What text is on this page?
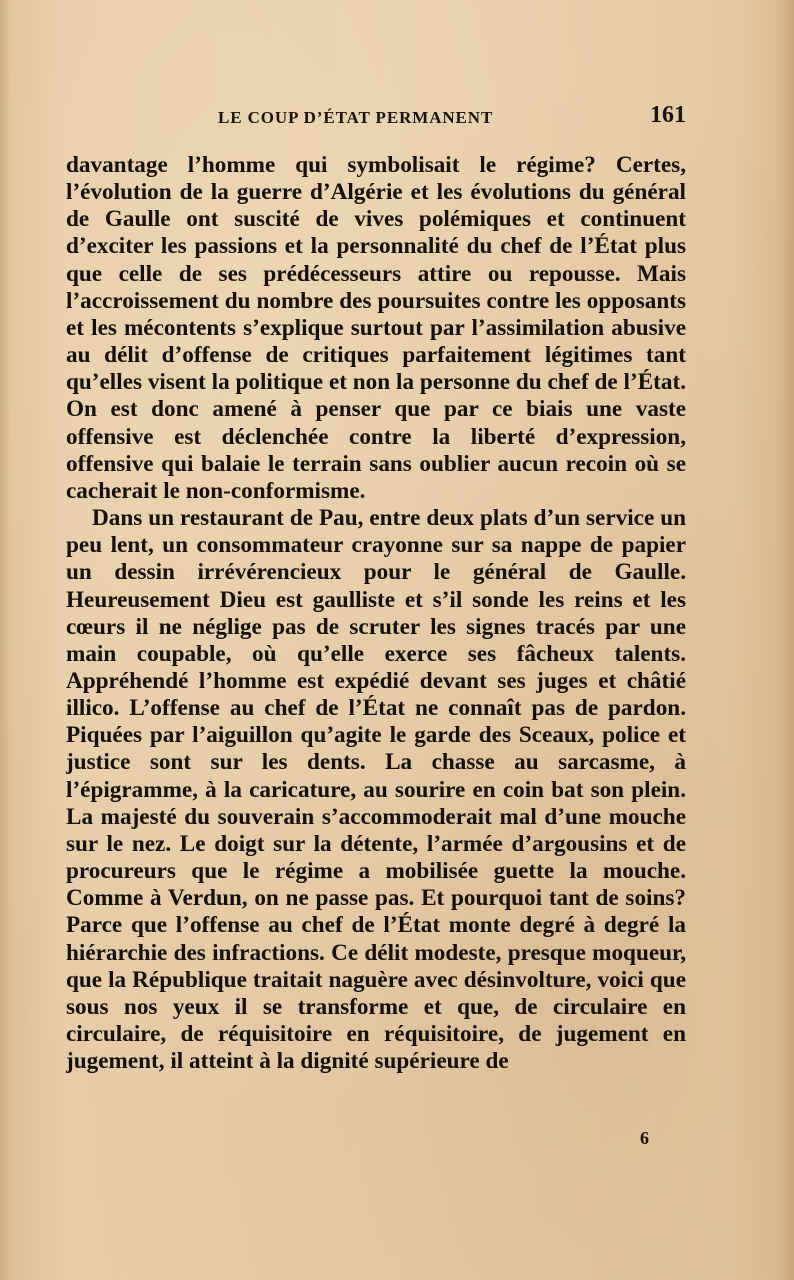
LE COUP D’ÉTAT PERMANENT	161

davantage l’homme qui symbolisait le régime? Certes, l’évolution de la guerre d’Algérie et les évolutions du général de Gaulle ont suscité de vives polémiques et continuent d’exciter les passions et la personnalité du chef de l’État plus que celle de ses prédécesseurs attire ou repousse. Mais l’accroissement du nombre des poursuites contre les opposants et les mécontents s’explique surtout par l’assimilation abusive au délit d’offense de critiques parfaitement légitimes tant qu’elles visent la politique et non la personne du chef de l’État. On est donc amené à penser que par ce biais une vaste offensive est déclenchée contre la liberté d’expression, offensive qui balaie le terrain sans oublier aucun recoin où se cacherait le non-conformisme.

Dans un restaurant de Pau, entre deux plats d’un service un peu lent, un consommateur crayonne sur sa nappe de papier un dessin irrévérencieux pour le général de Gaulle. Heureusement Dieu est gaulliste et s’il sonde les reins et les cœurs il ne néglige pas de scruter les signes tracés par une main coupable, où qu’elle exerce ses fâcheux talents. Appréhendé l’homme est expédié devant ses juges et châtié illico. L’offense au chef de l’État ne connaît pas de pardon. Piquées par l’aiguillon qu’agite le garde des Sceaux, police et justice sont sur les dents. La chasse au sarcasme, à l’épigramme, à la caricature, au sourire en coin bat son plein. La majesté du souverain s’accommoderait mal d’une mouche sur le nez. Le doigt sur la détente, l’armée d’argousins et de procureurs que le régime a mobilisée guette la mouche. Comme à Verdun, on ne passe pas. Et pourquoi tant de soins? Parce que l’offense au chef de l’État monte degré à degré la hiérarchie des infractions. Ce délit modeste, presque moqueur, que la République traitait naguère avec désinvolture, voici que sous nos yeux il se transforme et que, de circulaire en circulaire, de réquisitoire en réquisitoire, de jugement en jugement, il atteint à la dignité supérieure de

6
